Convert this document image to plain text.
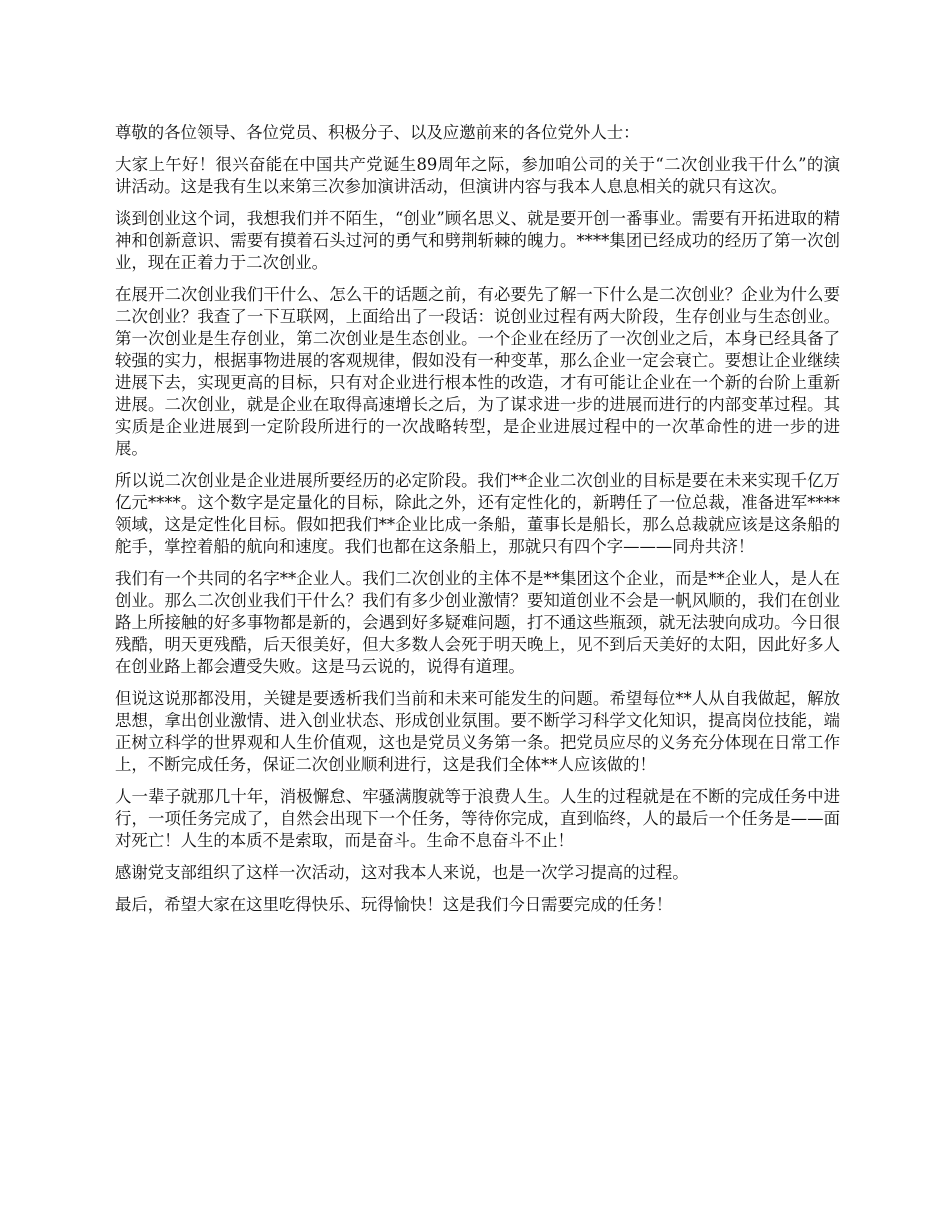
尊敬的各位领导、各位党员、积极分子、以及应邀前来的各位党外人士：

大家上午好！很兴奋能在中国共产党诞生89周年之际，参加咱公司的关于“二次创业我干什么”的演讲活动。这是我有生以来第三次参加演讲活动，但演讲内容与我本人息息相关的就只有这次。

谈到创业这个词，我想我们并不陌生，“创业”顾名思义、就是要开创一番事业。需要有开拓进取的精神和创新意识、需要有摸着石头过河的勇气和劈荆斩棘的魄力。****集团已经成功的经历了第一次创业，现在正着力于二次创业。

在展开二次创业我们干什么、怎么干的话题之前，有必要先了解一下什么是二次创业？企业为什么要二次创业？我查了一下互联网，上面给出了一段话：说创业过程有两大阶段，生存创业与生态创业。第一次创业是生存创业，第二次创业是生态创业。一个企业在经历了一次创业之后，本身已经具备了较强的实力，根据事物进展的客观规律，假如没有一种变革，那么企业一定会衰亡。要想让企业继续进展下去，实现更高的目标，只有对企业进行根本性的改造，才有可能让企业在一个新的台阶上重新进展。二次创业，就是企业在取得高速增长之后，为了谋求进一步的进展而进行的内部变革过程。其实质是企业进展到一定阶段所进行的一次战略转型，是企业进展过程中的一次革命性的进一步的进展。

所以说二次创业是企业进展所要经历的必定阶段。我们**企业二次创业的目标是要在未来实现千亿万亿元****。这个数字是定量化的目标，除此之外，还有定性化的，新聘任了一位总裁，准备进军****领域，这是定性化目标。假如把我们**企业比成一条船，董事长是船长，那么总裁就应该是这条船的舵手，掌控着船的航向和速度。我们也都在这条船上，那就只有四个字———同舟共济！

我们有一个共同的名字**企业人。我们二次创业的主体不是**集团这个企业，而是**企业人，是人在创业。那么二次创业我们干什么？我们有多少创业激情？要知道创业不会是一帆风顺的，我们在创业路上所接触的好多事物都是新的，会遇到好多疑难问题，打不通这些瓶颈，就无法驶向成功。今日很残酷，明天更残酷，后天很美好，但大多数人会死于明天晚上，见不到后天美好的太阳，因此好多人在创业路上都会遭受失败。这是马云说的，说得有道理。

但说这说那都没用，关键是要透析我们当前和未来可能发生的问题。希望每位**人从自我做起，解放思想，拿出创业激情、进入创业状态、形成创业氛围。要不断学习科学文化知识，提高岗位技能，端正树立科学的世界观和人生价值观，这也是党员义务第一条。把党员应尽的义务充分体现在日常工作上，不断完成任务，保证二次创业顺利进行，这是我们全体**人应该做的！

人一辈子就那几十年，消极懈怠、牢骚满腹就等于浪费人生。人生的过程就是在不断的完成任务中进行，一项任务完成了，自然会出现下一个任务，等待你完成，直到临终，人的最后一个任务是——面对死亡！人生的本质不是索取，而是奋斗。生命不息奋斗不止！

感谢党支部组织了这样一次活动，这对我本人来说，也是一次学习提高的过程。

最后，希望大家在这里吃得快乐、玩得愉快！这是我们今日需要完成的任务！
